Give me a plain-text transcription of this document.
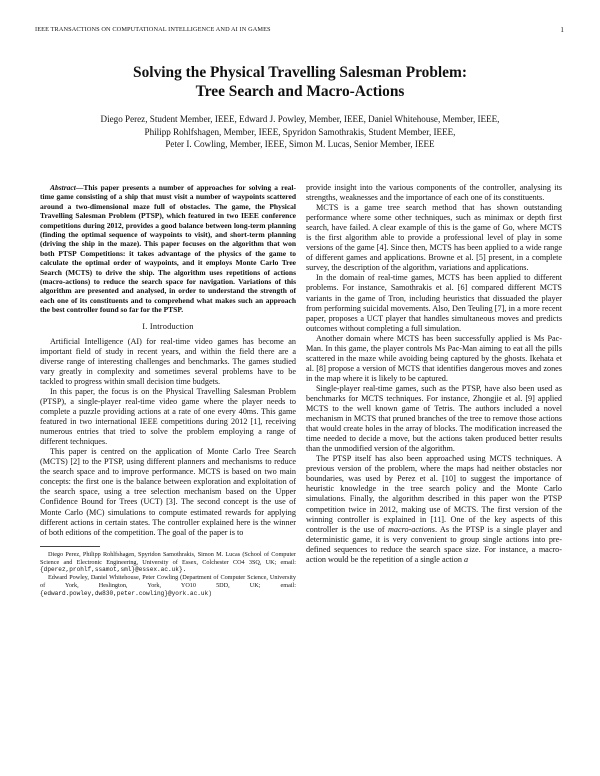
IEEE TRANSACTIONS ON COMPUTATIONAL INTELLIGENCE AND AI IN GAMES	1
Solving the Physical Travelling Salesman Problem:
Tree Search and Macro-Actions
Diego Perez, Student Member, IEEE, Edward J. Powley, Member, IEEE, Daniel Whitehouse, Member, IEEE,
Philipp Rohlfshagen, Member, IEEE, Spyridon Samothrakis, Student Member, IEEE,
Peter I. Cowling, Member, IEEE, Simon M. Lucas, Senior Member, IEEE

Abstract—This paper presents a number of approaches for solving a real-time game consisting of a ship that must visit a number of waypoints scattered around a two-dimensional maze full of obstacles. The game, the Physical Travelling Salesman Problem (PTSP), which featured in two IEEE conference competitions during 2012, provides a good balance between long-term planning (finding the optimal sequence of waypoints to visit), and short-term planning (driving the ship in the maze). This paper focuses on the algorithm that won both PTSP Competitions: it takes advantage of the physics of the game to calculate the optimal order of waypoints, and it employs Monte Carlo Tree Search (MCTS) to drive the ship. The algorithm uses repetitions of actions (macro-actions) to reduce the search space for navigation. Variations of this algorithm are presented and analysed, in order to understand the strength of each one of its constituents and to comprehend what makes such an approach the best controller found so far for the PTSP.

I. Introduction

Artificial Intelligence (AI) for real-time video games has become an important field of study in recent years, and within the field there are a diverse range of interesting challenges and benchmarks. The games studied vary greatly in complexity and sometimes several problems have to be tackled to progress within small decision time budgets.

In this paper, the focus is on the Physical Travelling Salesman Problem (PTSP), a single-player real-time video game where the player needs to complete a puzzle providing actions at a rate of one every 40ms. This game featured in two international IEEE competitions during 2012 [1], receiving numerous entries that tried to solve the problem employing a range of different techniques.

This paper is centred on the application of Monte Carlo Tree Search (MCTS) [2] to the PTSP, using different planners and mechanisms to reduce the search space and to improve performance. MCTS is based on two main concepts: the first one is the balance between exploration and exploitation of the search space, using a tree selection mechanism based on the Upper Confidence Bound for Trees (UCT) [3]. The second concept is the use of Monte Carlo (MC) simulations to compute estimated rewards for applying different actions in certain states. The controller explained here is the winner of both editions of the competition. The goal of the paper is to

Diego Perez, Philipp Rohlfshagen, Spyridon Samothrakis, Simon M. Lucas (School of Computer Science and Electronic Engineering, University of Essex, Colchester CO4 3SQ, UK; email: {dperez,prohlf,ssamot,sml}@essex.ac.uk}.
Edward Powley, Daniel Whitehouse, Peter Cowling (Department of Computer Science, University of York, Heslington, York, YO10 5DD, UK; email: {edward.powley,dw830,peter.cowling}@york.ac.uk)

provide insight into the various components of the controller, analysing its strengths, weaknesses and the importance of each one of its constituents.

MCTS is a game tree search method that has shown outstanding performance where some other techniques, such as minimax or depth first search, have failed. A clear example of this is the game of Go, where MCTS is the first algorithm able to provide a professional level of play in some versions of the game [4]. Since then, MCTS has been applied to a wide range of different games and applications. Browne et al. [5] present, in a complete survey, the description of the algorithm, variations and applications.

In the domain of real-time games, MCTS has been applied to different problems. For instance, Samothrakis et al. [6] compared different MCTS variants in the game of Tron, including heuristics that dissuaded the player from performing suicidal movements. Also, Den Teuling [7], in a more recent paper, proposes a UCT player that handles simultaneous moves and predicts outcomes without completing a full simulation.

Another domain where MCTS has been successfully applied is Ms Pac-Man. In this game, the player controls Ms Pac-Man aiming to eat all the pills scattered in the maze while avoiding being captured by the ghosts. Ikehata et al. [8] propose a version of MCTS that identifies dangerous moves and zones in the map where it is likely to be captured.

Single-player real-time games, such as the PTSP, have also been used as benchmarks for MCTS techniques. For instance, Zhongjie et al. [9] applied MCTS to the well known game of Tetris. The authors included a novel mechanism in MCTS that pruned branches of the tree to remove those actions that would create holes in the array of blocks. The modification increased the time needed to decide a move, but the actions taken produced better results than the unmodified version of the algorithm.

The PTSP itself has also been approached using MCTS techniques. A previous version of the problem, where the maps had neither obstacles nor boundaries, was used by Perez et al. [10] to suggest the importance of heuristic knowledge in the tree search policy and the Monte Carlo simulations. Finally, the algorithm described in this paper won the PTSP competition twice in 2012, making use of MCTS. The first version of the winning controller is explained in [11]. One of the key aspects of this controller is the use of macro-actions. As the PTSP is a single player and deterministic game, it is very convenient to group single actions into pre-defined sequences to reduce the search space size. For instance, a macro-action would be the repetition of a single action a
